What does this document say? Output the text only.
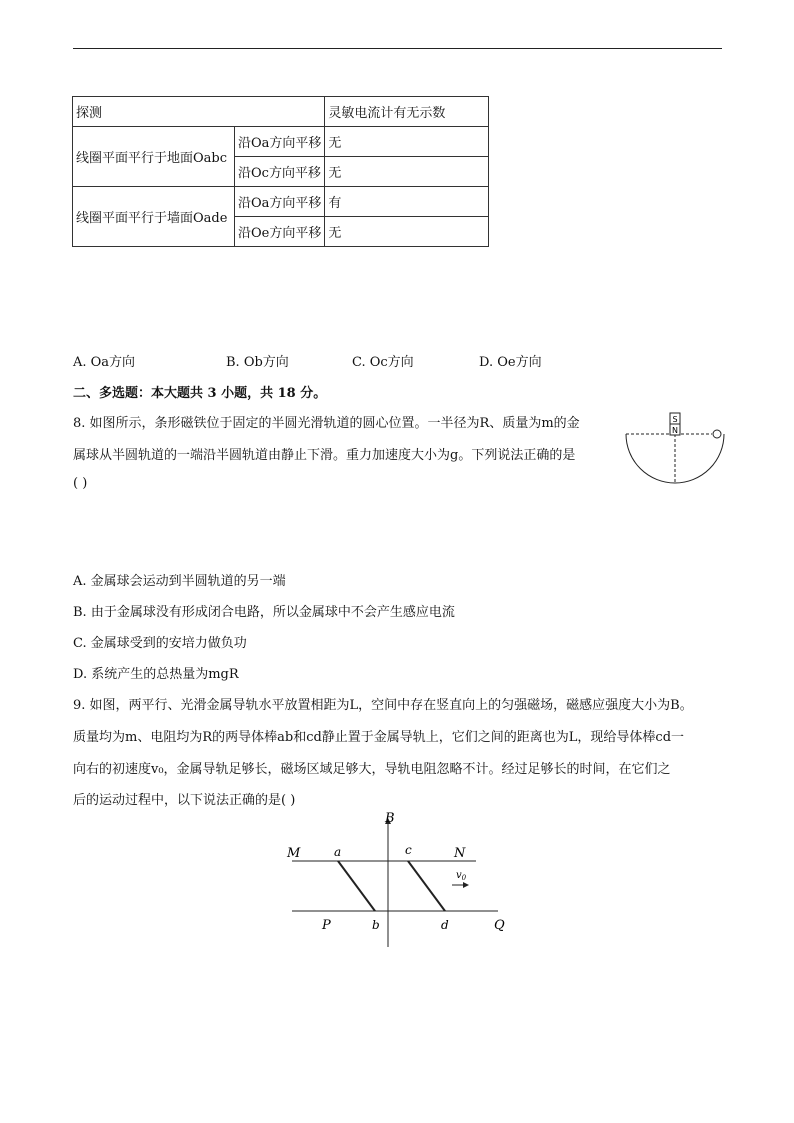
探测		灵敏电流计有无示数
线圈平面平行于地面Oabc	沿Oa方向平移	无
	沿Oc方向平移	无
线圈平面平行于墙面Oade	沿Oa方向平移	有
	沿Oe方向平移	无
A. Oa方向	B. Ob方向	C. Oc方向	D. Oe方向
二、多选题：本大题共 3 小题，共 18 分。
8. 如图所示，条形磁铁位于固定的半圆光滑轨道的圆心位置。一半径为R、质量为m的金
属球从半圆轨道的一端沿半圆轨道由静止下滑。重力加速度大小为g。下列说法正确的是
( )
S
N
A. 金属球会运动到半圆轨道的另一端
B. 由于金属球没有形成闭合电路，所以金属球中不会产生感应电流
C. 金属球受到的安培力做负功
D. 系统产生的总热量为mgR
9. 如图，两平行、光滑金属导轨水平放置相距为L，空间中存在竖直向上的匀强磁场，磁感应强度大小为B。
质量均为m、电阻均为R的两导体棒ab和cd静止置于金属导轨上，它们之间的距离也为L，现给导体棒cd一
向右的初速度v₀，金属导轨足够长，磁场区域足够大，导轨电阻忽略不计。经过足够长的时间，在它们之
后的运动过程中，以下说法正确的是( )
B
$v_0$
M	N
P	Q
a
b
c
d
